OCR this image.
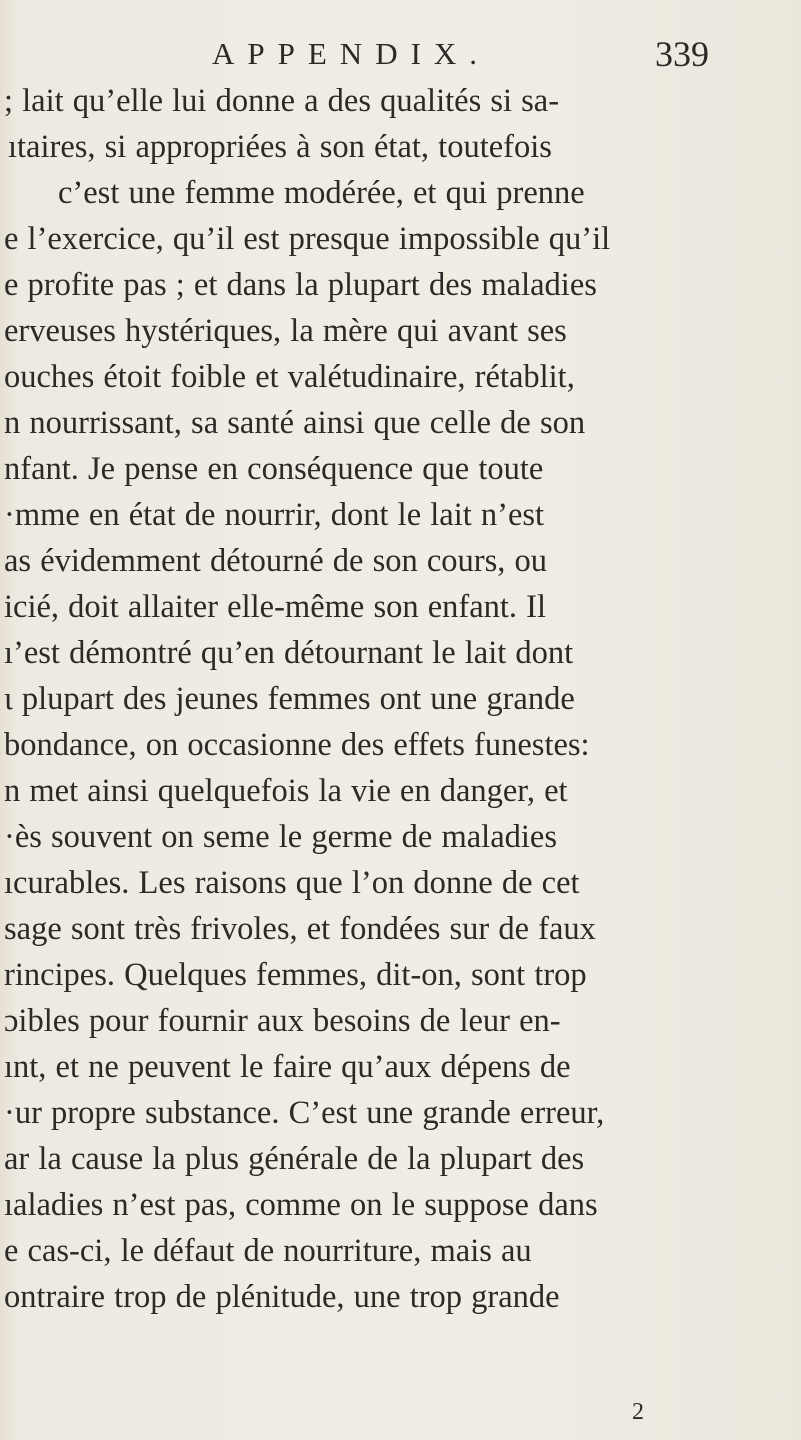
APPENDIX.	339
; lait qu’elle lui donne a des qualités si sa-
ıtaires, si appropriées à son état, toutefois
c’est une femme modérée, et qui prenne
e l’exercice, qu’il est presque impossible qu’il
e profite pas ; et dans la plupart des maladies
erveuses hystériques, la mère qui avant ses
ouches étoit foible et valétudinaire, rétablit,
n nourrissant, sa santé ainsi que celle de son
nfant. Je pense en conséquence que toute
·mme en état de nourrir, dont le lait n’est
as évidemment détourné de son cours, ou
icié, doit allaiter elle-même son enfant. Il
ı’est démontré qu’en détournant le lait dont
ι plupart des jeunes femmes ont une grande
bondance, on occasionne des effets funestes:
n met ainsi quelquefois la vie en danger, et
·ès souvent on seme le germe de maladies
ıcurables. Les raisons que l’on donne de cet
sage sont très frivoles, et fondées sur de faux
rincipes. Quelques femmes, dit-on, sont trop
ɔibles pour fournir aux besoins de leur en-
ınt, et ne peuvent le faire qu’aux dépens de
·ur propre substance. C’est une grande erreur,
ar la cause la plus générale de la plupart des
ıaladies n’est pas, comme on le suppose dans
e cas-ci, le défaut de nourriture, mais au
ontraire trop de plénitude, une trop grande
2
